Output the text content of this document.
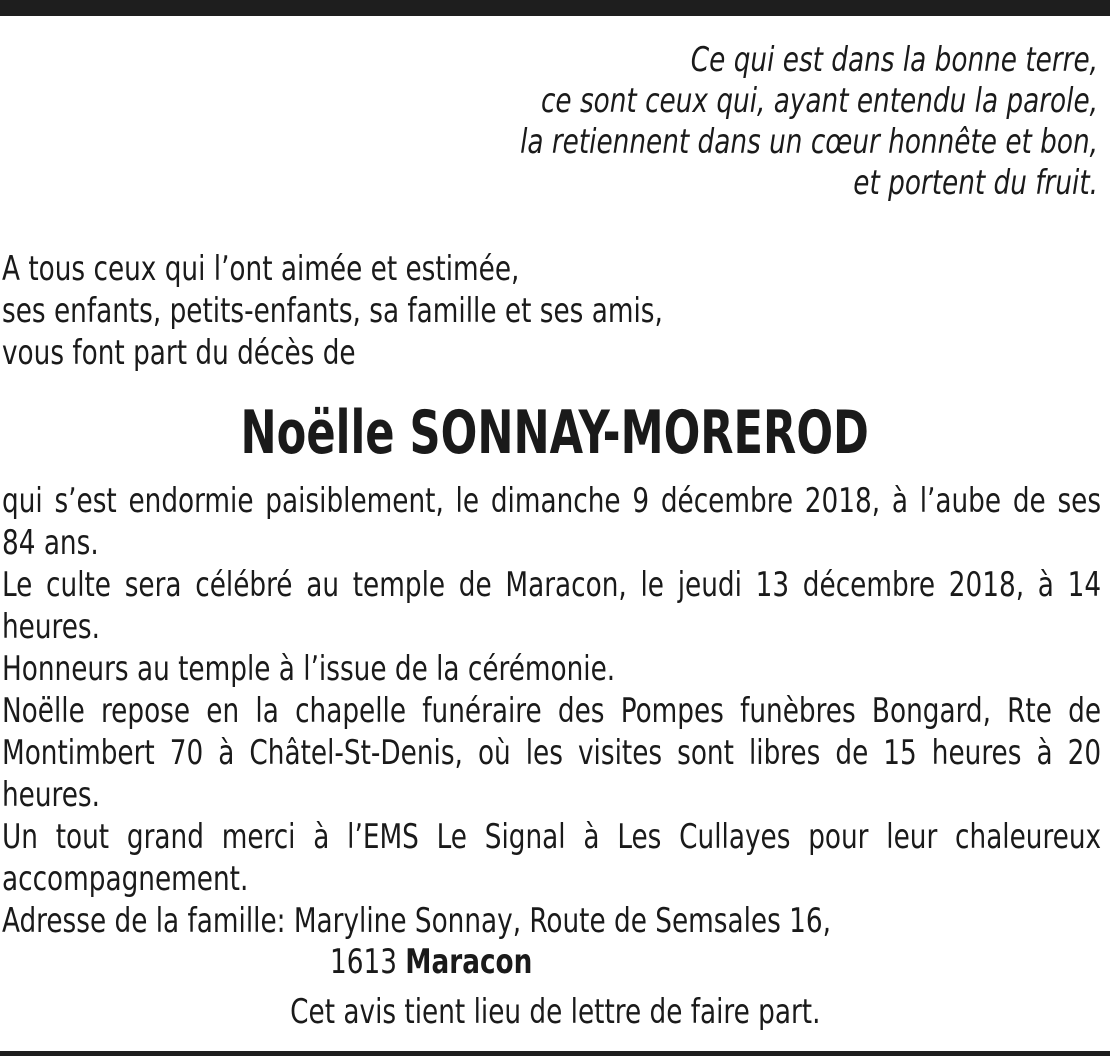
Ce qui est dans la bonne terre,
ce sont ceux qui, ayant entendu la parole,
la retiennent dans un cœur honnête et bon,
et portent du fruit.
A tous ceux qui l’ont aimée et estimée,
ses enfants, petits-enfants, sa famille et ses amis,
vous font part du décès de
Noëlle SONNAY-MOREROD
qui s’est endormie paisiblement, le dimanche 9 décembre 2018, à l’aube de ses 84 ans.
Le culte sera célébré au temple de Maracon, le jeudi 13 décembre 2018, à 14 heures.
Honneurs au temple à l’issue de la cérémonie.
Noëlle repose en la chapelle funéraire des Pompes funèbres Bongard, Rte de Montimbert 70 à Châtel-St-Denis, où les visites sont libres de 15 heures à 20 heures.
Un tout grand merci à l’EMS Le Signal à Les Cullayes pour leur chaleureux accompagnement.
Adresse de la famille: Maryline Sonnay, Route de Semsales 16,
1613 Maracon
Cet avis tient lieu de lettre de faire part.
